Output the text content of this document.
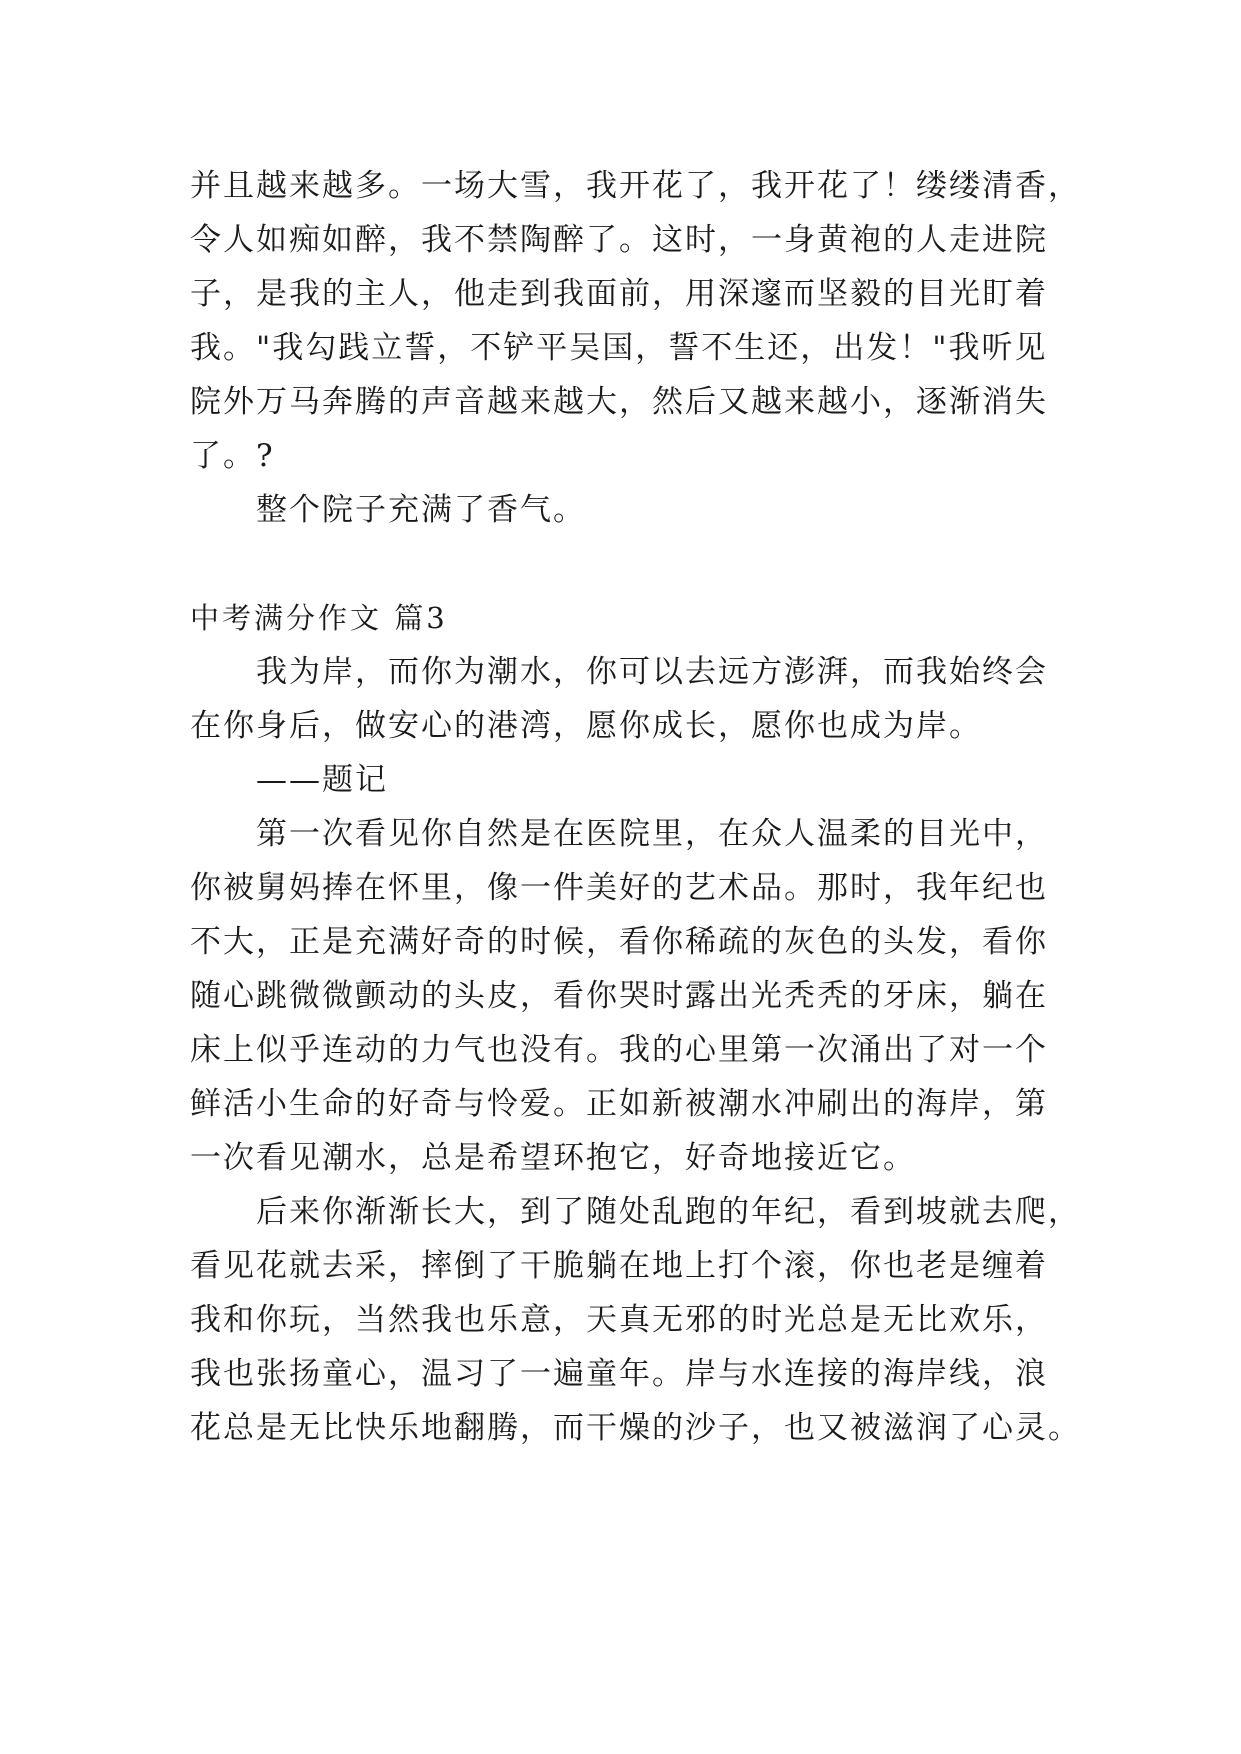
并且越来越多。一场大雪，我开花了，我开花了！缕缕清香，
令人如痴如醉，我不禁陶醉了。这时，一身黄袍的人走进院
子，是我的主人，他走到我面前，用深邃而坚毅的目光盯着
我。"我勾践立誓，不铲平吴国，誓不生还，出发！"我听见
院外万马奔腾的声音越来越大，然后又越来越小，逐渐消失
了。?
整个院子充满了香气。
中考满分作文 篇3
我为岸，而你为潮水，你可以去远方澎湃，而我始终会
在你身后，做安心的港湾，愿你成长，愿你也成为岸。
——题记
第一次看见你自然是在医院里，在众人温柔的目光中，
你被舅妈捧在怀里，像一件美好的艺术品。那时，我年纪也
不大，正是充满好奇的时候，看你稀疏的灰色的头发，看你
随心跳微微颤动的头皮，看你哭时露出光秃秃的牙床，躺在
床上似乎连动的力气也没有。我的心里第一次涌出了对一个
鲜活小生命的好奇与怜爱。正如新被潮水冲刷出的海岸，第
一次看见潮水，总是希望环抱它，好奇地接近它。
后来你渐渐长大，到了随处乱跑的年纪，看到坡就去爬，
看见花就去采，摔倒了干脆躺在地上打个滚，你也老是缠着
我和你玩，当然我也乐意，天真无邪的时光总是无比欢乐，
我也张扬童心，温习了一遍童年。岸与水连接的海岸线，浪
花总是无比快乐地翻腾，而干燥的沙子，也又被滋润了心灵。
